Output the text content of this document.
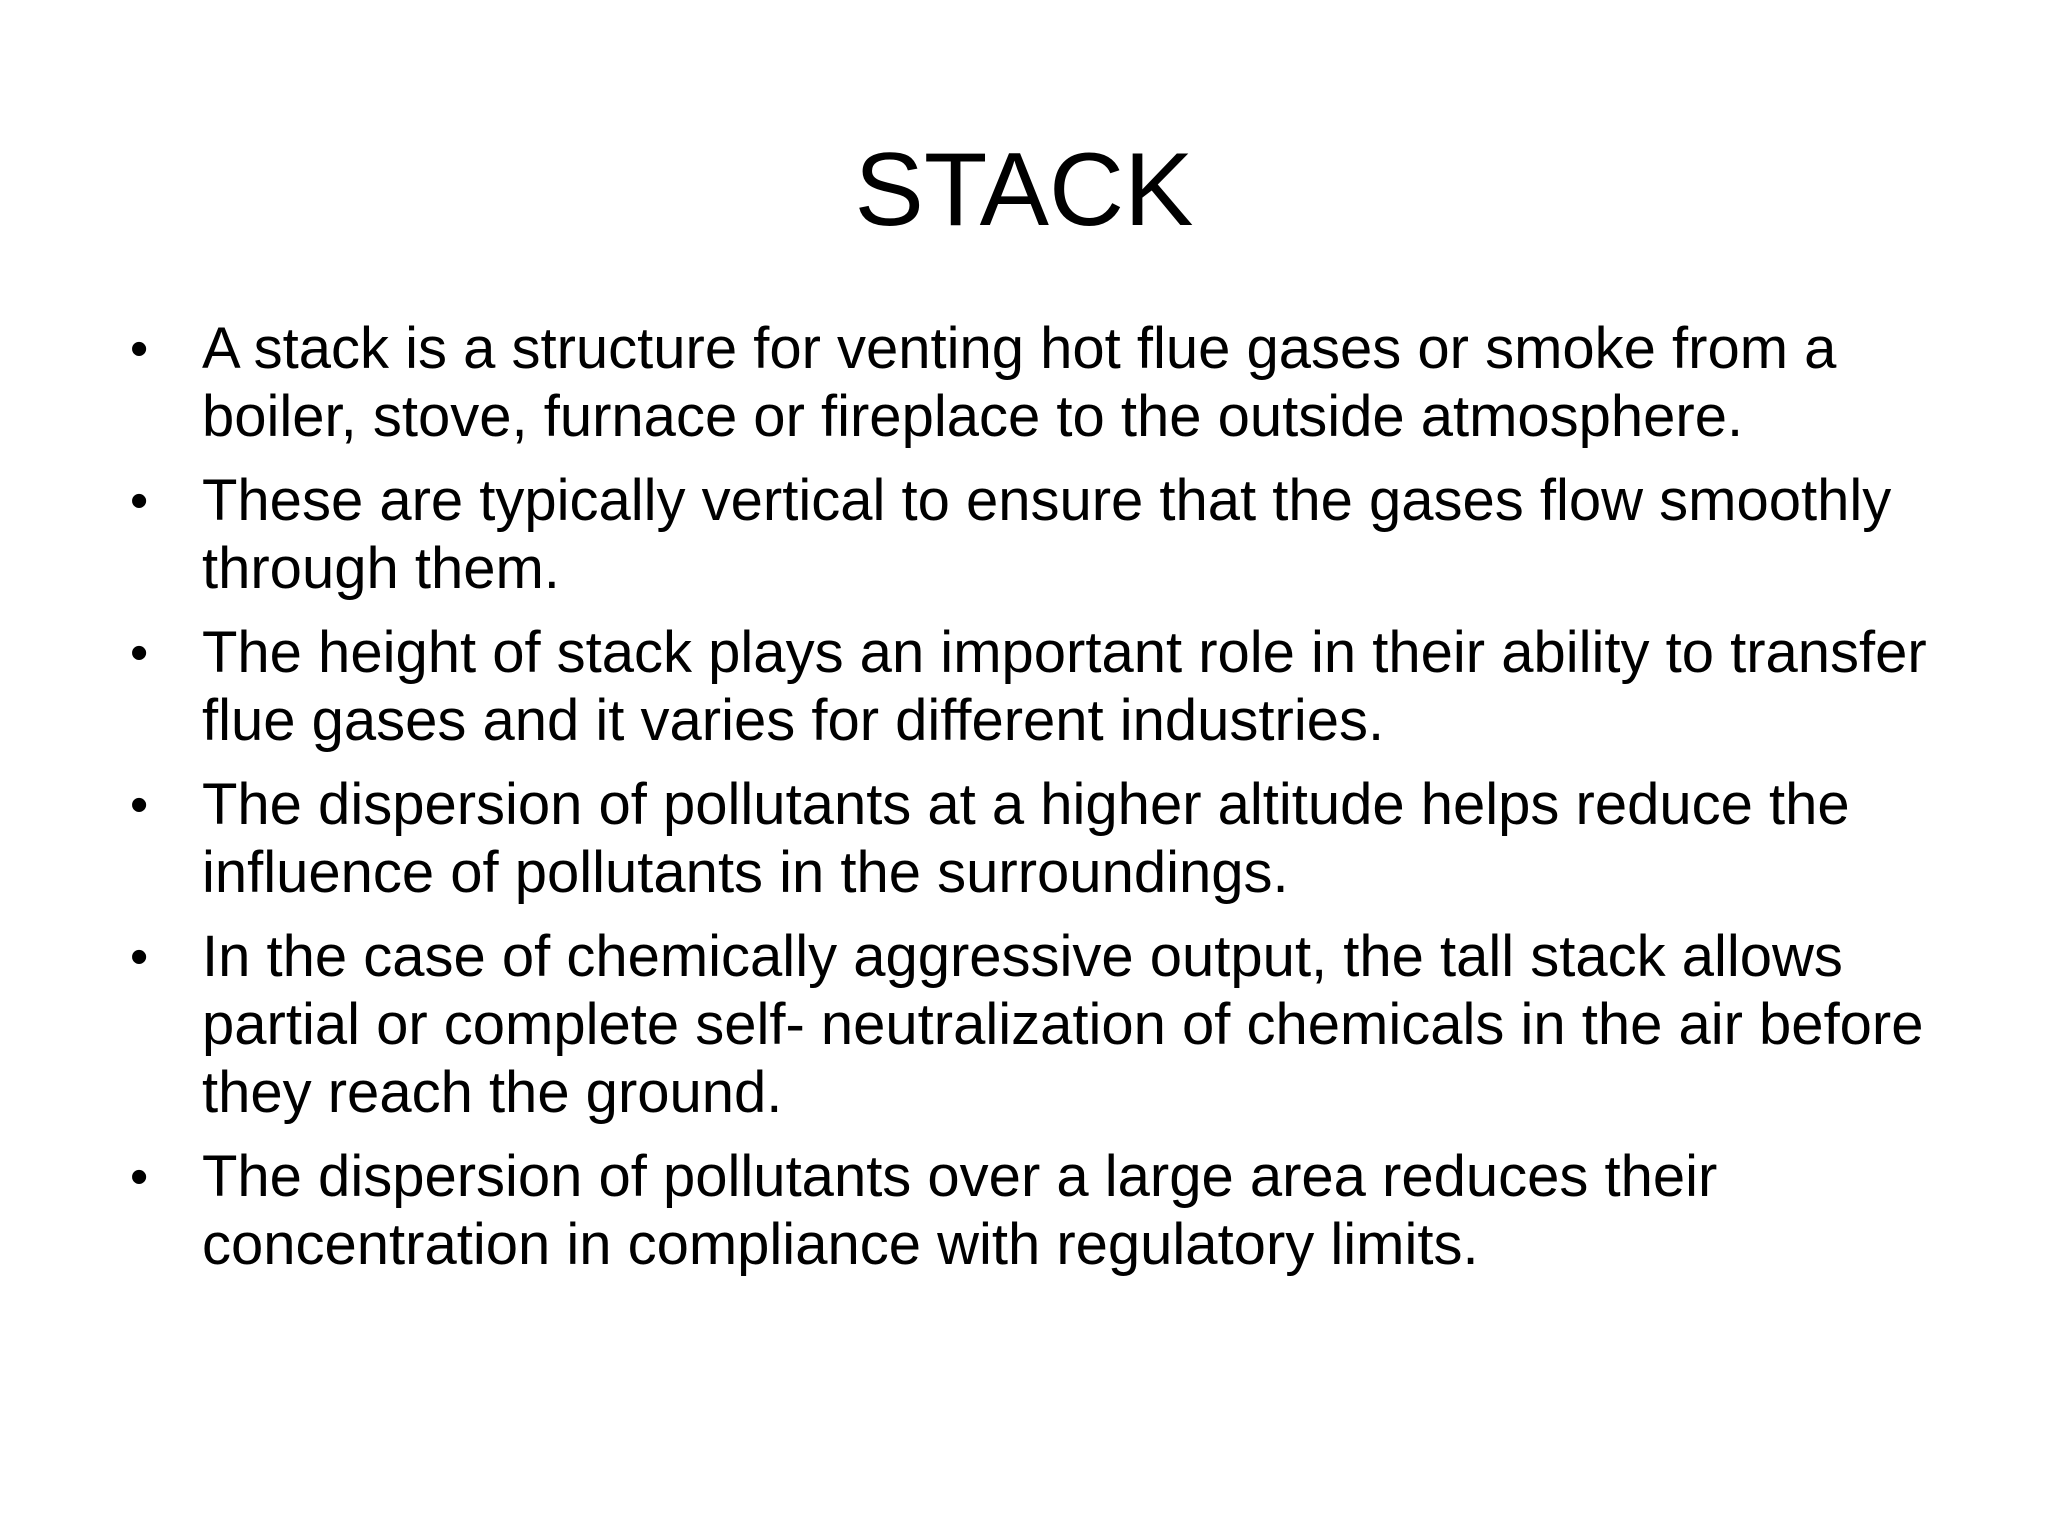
STACK
• A stack is a structure for venting hot flue gases or smoke from a boiler, stove, furnace or fireplace to the outside atmosphere.
• These are typically vertical to ensure that the gases flow smoothly through them.
• The height of stack plays an important role in their ability to transfer flue gases and it varies for different industries.
• The dispersion of pollutants at a higher altitude helps reduce the influence of pollutants in the surroundings.
• In the case of chemically aggressive output, the tall stack allows partial or complete self- neutralization of chemicals in the air before they reach the ground.
• The dispersion of pollutants over a large area reduces their concentration in compliance with regulatory limits.
